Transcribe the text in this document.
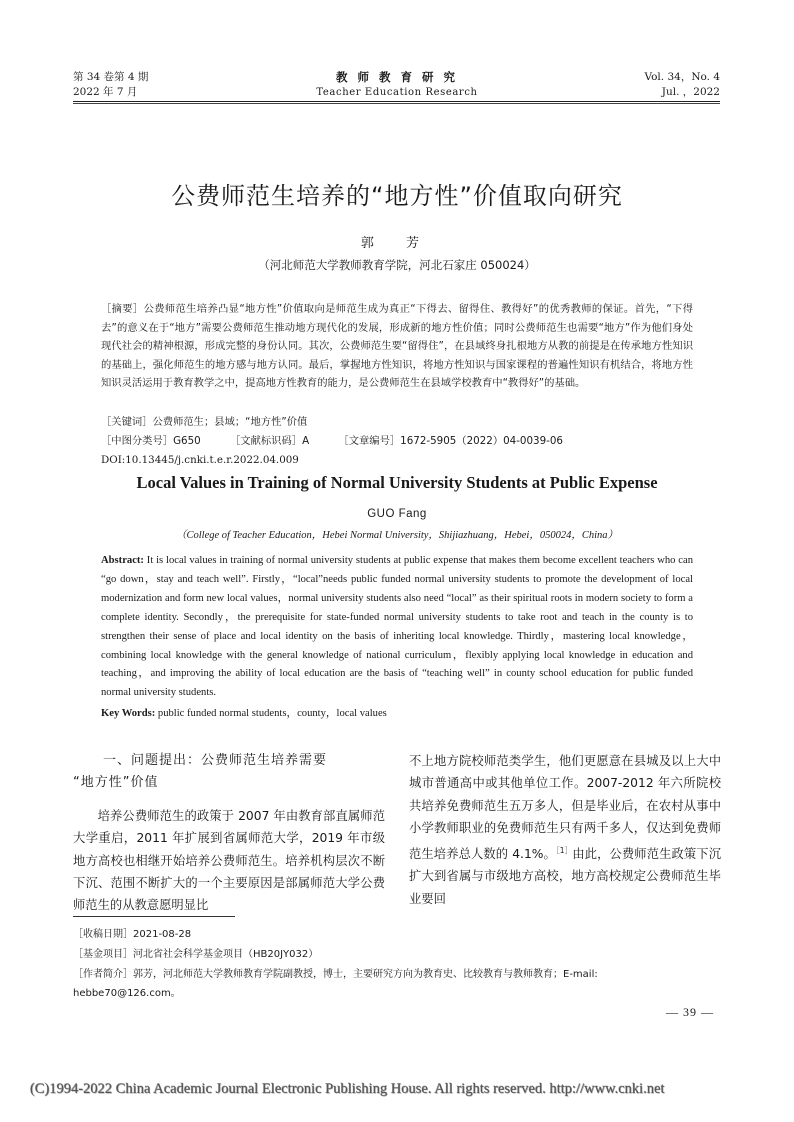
第 34 卷第 4 期
2022 年 7 月
教 师 教 育 研 究
Teacher Education Research
Vol. 34，No. 4
Jul. ，2022
公费师范生培养的“地方性”价值取向研究
郭 芳
（河北师范大学教师教育学院，河北石家庄 050024）
［摘要］公费师范生培养凸显“地方性”价值取向是师范生成为真正“下得去、留得住、教得好”的优秀教师的保证。首先，“下得去”的意义在于“地方”需要公费师范生推动地方现代化的发展，形成新的地方性价值；同时公费师范生也需要“地方”作为他们身处现代社会的精神根源，形成完整的身份认同。其次，公费师范生要“留得住”，在县域终身扎根地方从教的前提是在传承地方性知识的基础上，强化师范生的地方感与地方认同。最后，掌握地方性知识，将地方性知识与国家课程的普遍性知识有机结合，将地方性知识灵活运用于教育教学之中，提高地方性教育的能力，是公费师范生在县域学校教育中“教得好”的基础。
［关键词］公费师范生；县域；“地方性”价值
［中图分类号］G650	［文献标识码］A	［文章编号］1672-5905（2022）04-0039-06
DOI:10.13445/j.cnki.t.e.r.2022.04.009
Local Values in Training of Normal University Students at Public Expense
GUO Fang
（College of Teacher Education，Hebei Normal University，Shijiazhuang，Hebei，050024，China）
Abstract: It is local values in training of normal university students at public expense that makes them become excellent teachers who can “go down，stay and teach well”. Firstly，“local”needs public funded normal university students to promote the development of local modernization and form new local values，normal university students also need “local” as their spiritual roots in modern society to form a complete identity. Secondly，the prerequisite for state-funded normal university students to take root and teach in the county is to strengthen their sense of place and local identity on the basis of inheriting local knowledge. Thirdly，mastering local knowledge，combining local knowledge with the general knowledge of national curriculum，flexibly applying local knowledge in education and teaching，and improving the ability of local education are the basis of “teaching well” in county school education for public funded normal university students.
Key Words: public funded normal students，county，local values
一、问题提出：公费师范生培养需要
“地方性”价值

培养公费师范生的政策于 2007 年由教育部直属师范大学重启，2011 年扩展到省属师范大学，2019 年市级地方高校也相继开始培养公费师范生。培养机构层次不断下沉、范围不断扩大的一个主要原因是部属师范大学公费师范生的从教意愿明显比

不上地方院校师范类学生，他们更愿意在县城及以上大中城市普通高中或其他单位工作。2007-2012 年六所院校共培养免费师范生五万多人，但是毕业后，在农村从事中小学教师职业的免费师范生只有两千多人，仅达到免费师范生培养总人数的 4.1%。$^{[1]}$由此，公费师范生政策下沉扩大到省属与市级地方高校，地方高校规定公费师范生毕业要回

［收稿日期］2021-08-28
［基金项目］河北省社会科学基金项目（HB20JY032）
［作者简介］郭芳，河北师范大学教师教育学院副教授，博士，主要研究方向为教育史、比较教育与教师教育；E-mail:
hebbe70@126.com。
— 39 —
(C)1994-2022 China Academic Journal Electronic Publishing House. All rights reserved. http://www.cnki.net
